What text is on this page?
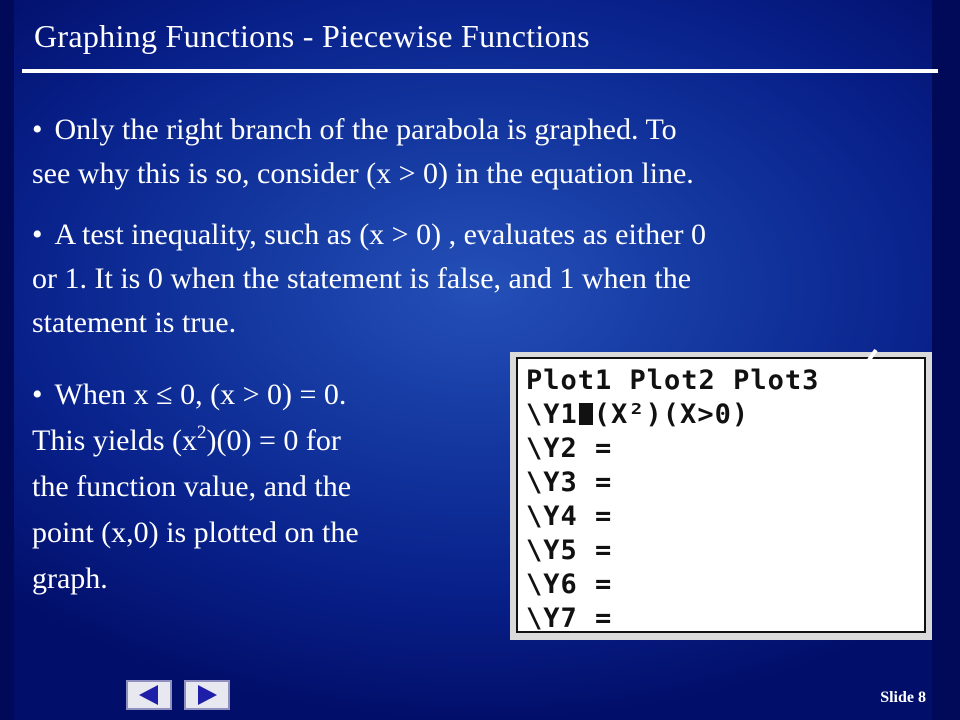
Graphing Functions - Piecewise Functions
• Only the right branch of the parabola is graphed. To
see why this is so, consider (x > 0) in the equation line.
• A test inequality, such as (x > 0) , evaluates as either 0
or 1. It is 0 when the statement is false, and 1 when the
statement is true.
• When x ≤ 0, (x > 0) = 0.
This yields $(x^2)(0) = 0$ for
the function value, and the
point (x,0) is plotted on the
graph.
Plot1 Plot2 Plot3
\Y1 (X²)(X>0)
\Y2 =
\Y3 =
\Y4 =
\Y5 =
\Y6 =
\Y7 =
Slide 8
